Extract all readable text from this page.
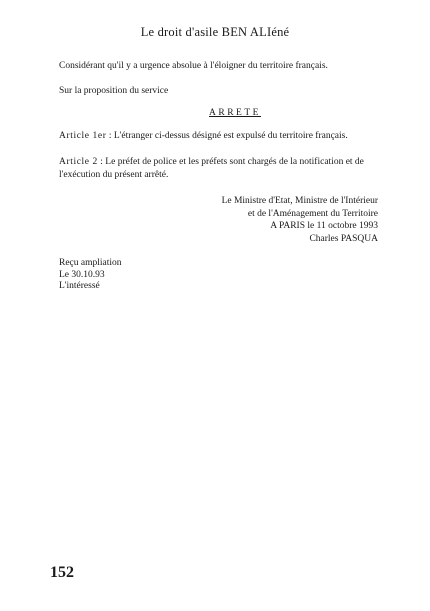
Le droit d'asile BEN ALIéné
Considérant qu'il y a urgence absolue à l'éloigner du territoire français.
Sur la proposition du service
ARRETE
Article 1er : L'étranger ci-dessus désigné est expulsé du territoire français.
Article 2 : Le préfet de police et les préfets sont chargés de la notification et de l'exécution du présent arrêté.
Le Ministre d'Etat, Ministre de l'Intérieur
et de l'Aménagement du Territoire
A PARIS le 11 octobre 1993
Charles PASQUA
Reçu ampliation
Le 30.10.93
L'intéressé
152
